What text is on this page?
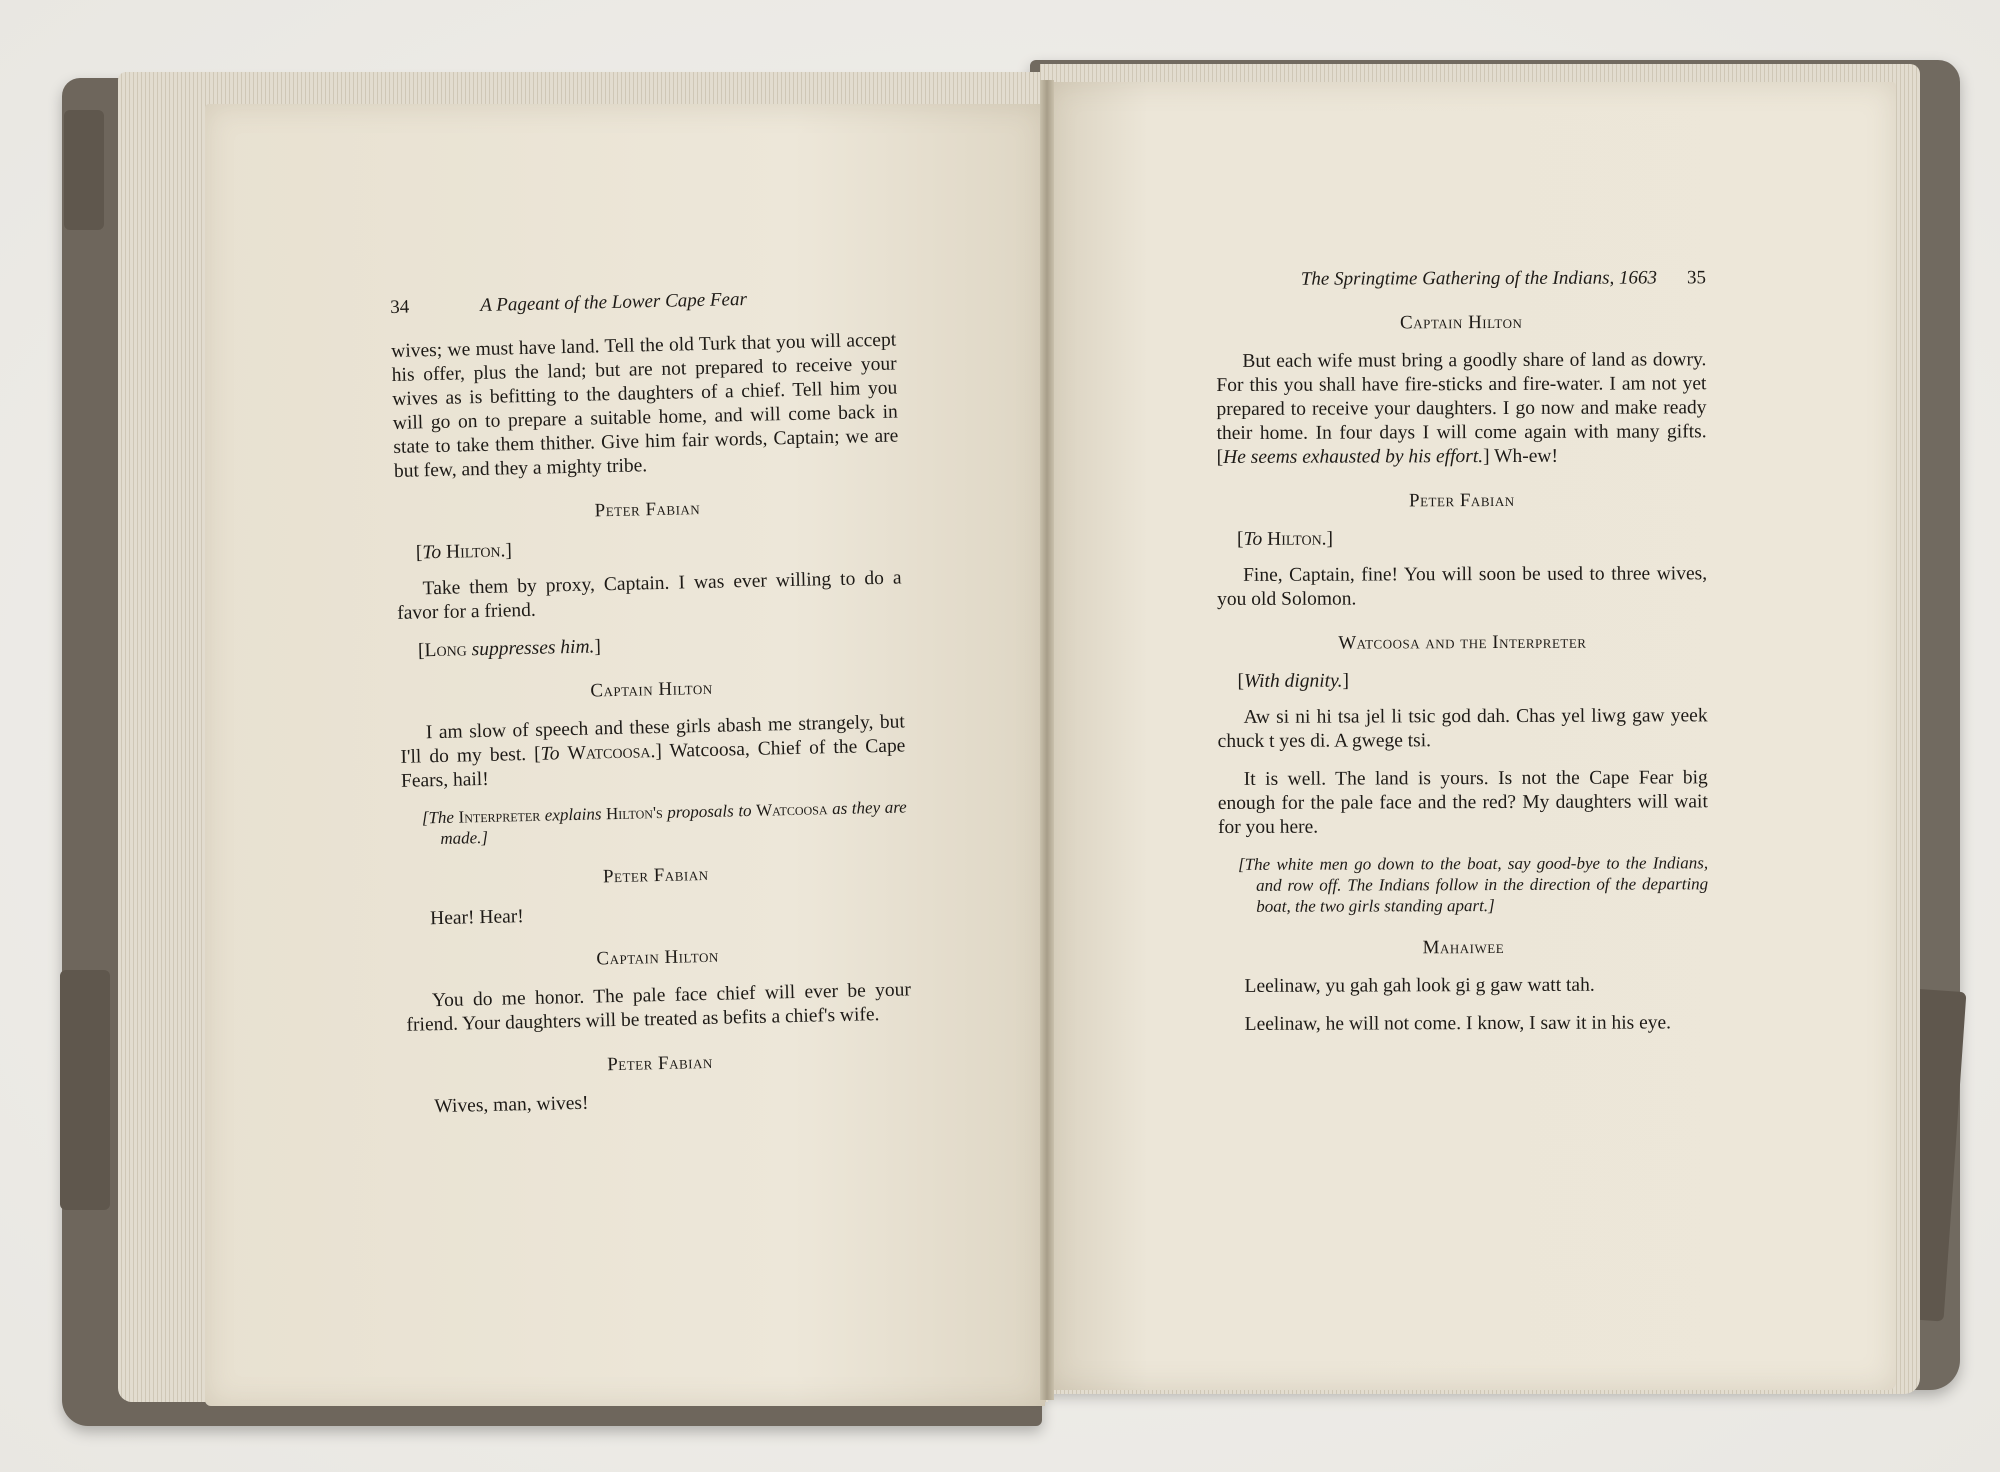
34	A Pageant of the Lower Cape Fear

wives; we must have land. Tell the old Turk that you will accept his offer, plus the land; but are not prepared to receive your wives as is befitting to the daughters of a chief. Tell him you will go on to prepare a suitable home, and will come back in state to take them thither. Give him fair words, Captain; we are but few, and they a mighty tribe.

Peter Fabian

[To Hilton.]

Take them by proxy, Captain. I was ever willing to do a favor for a friend.

[Long suppresses him.]

Captain Hilton

I am slow of speech and these girls abash me strangely, but I'll do my best. [To Watcoosa.] Watcoosa, Chief of the Cape Fears, hail!

[The Interpreter explains Hilton's proposals to Watcoosa as they are made.]

Peter Fabian

Hear! Hear!

Captain Hilton

You do me honor. The pale face chief will ever be your friend. Your daughters will be treated as befits a chief's wife.

Peter Fabian

Wives, man, wives!

The Springtime Gathering of the Indians, 1663 35
Captain Hilton

But each wife must bring a goodly share of land as dowry. For this you shall have fire-sticks and fire-water. I am not yet prepared to receive your daughters. I go now and make ready their home. In four days I will come again with many gifts. [He seems exhausted by his effort.] Wh-ew!

Peter Fabian

[To Hilton.]

Fine, Captain, fine! You will soon be used to three wives, you old Solomon.

Watcoosa and the Interpreter

[With dignity.]

Aw si ni hi tsa jel li tsic god dah. Chas yel liwg gaw yeek chuck t yes di. A gwege tsi.

It is well. The land is yours. Is not the Cape Fear big enough for the pale face and the red? My daughters will wait for you here.

[The white men go down to the boat, say good-bye to the Indians, and row off. The Indians follow in the direction of the departing boat, the two girls standing apart.]

Mahaiwee

Leelinaw, yu gah gah look gi g gaw watt tah.

Leelinaw, he will not come. I know, I saw it in his eye.
